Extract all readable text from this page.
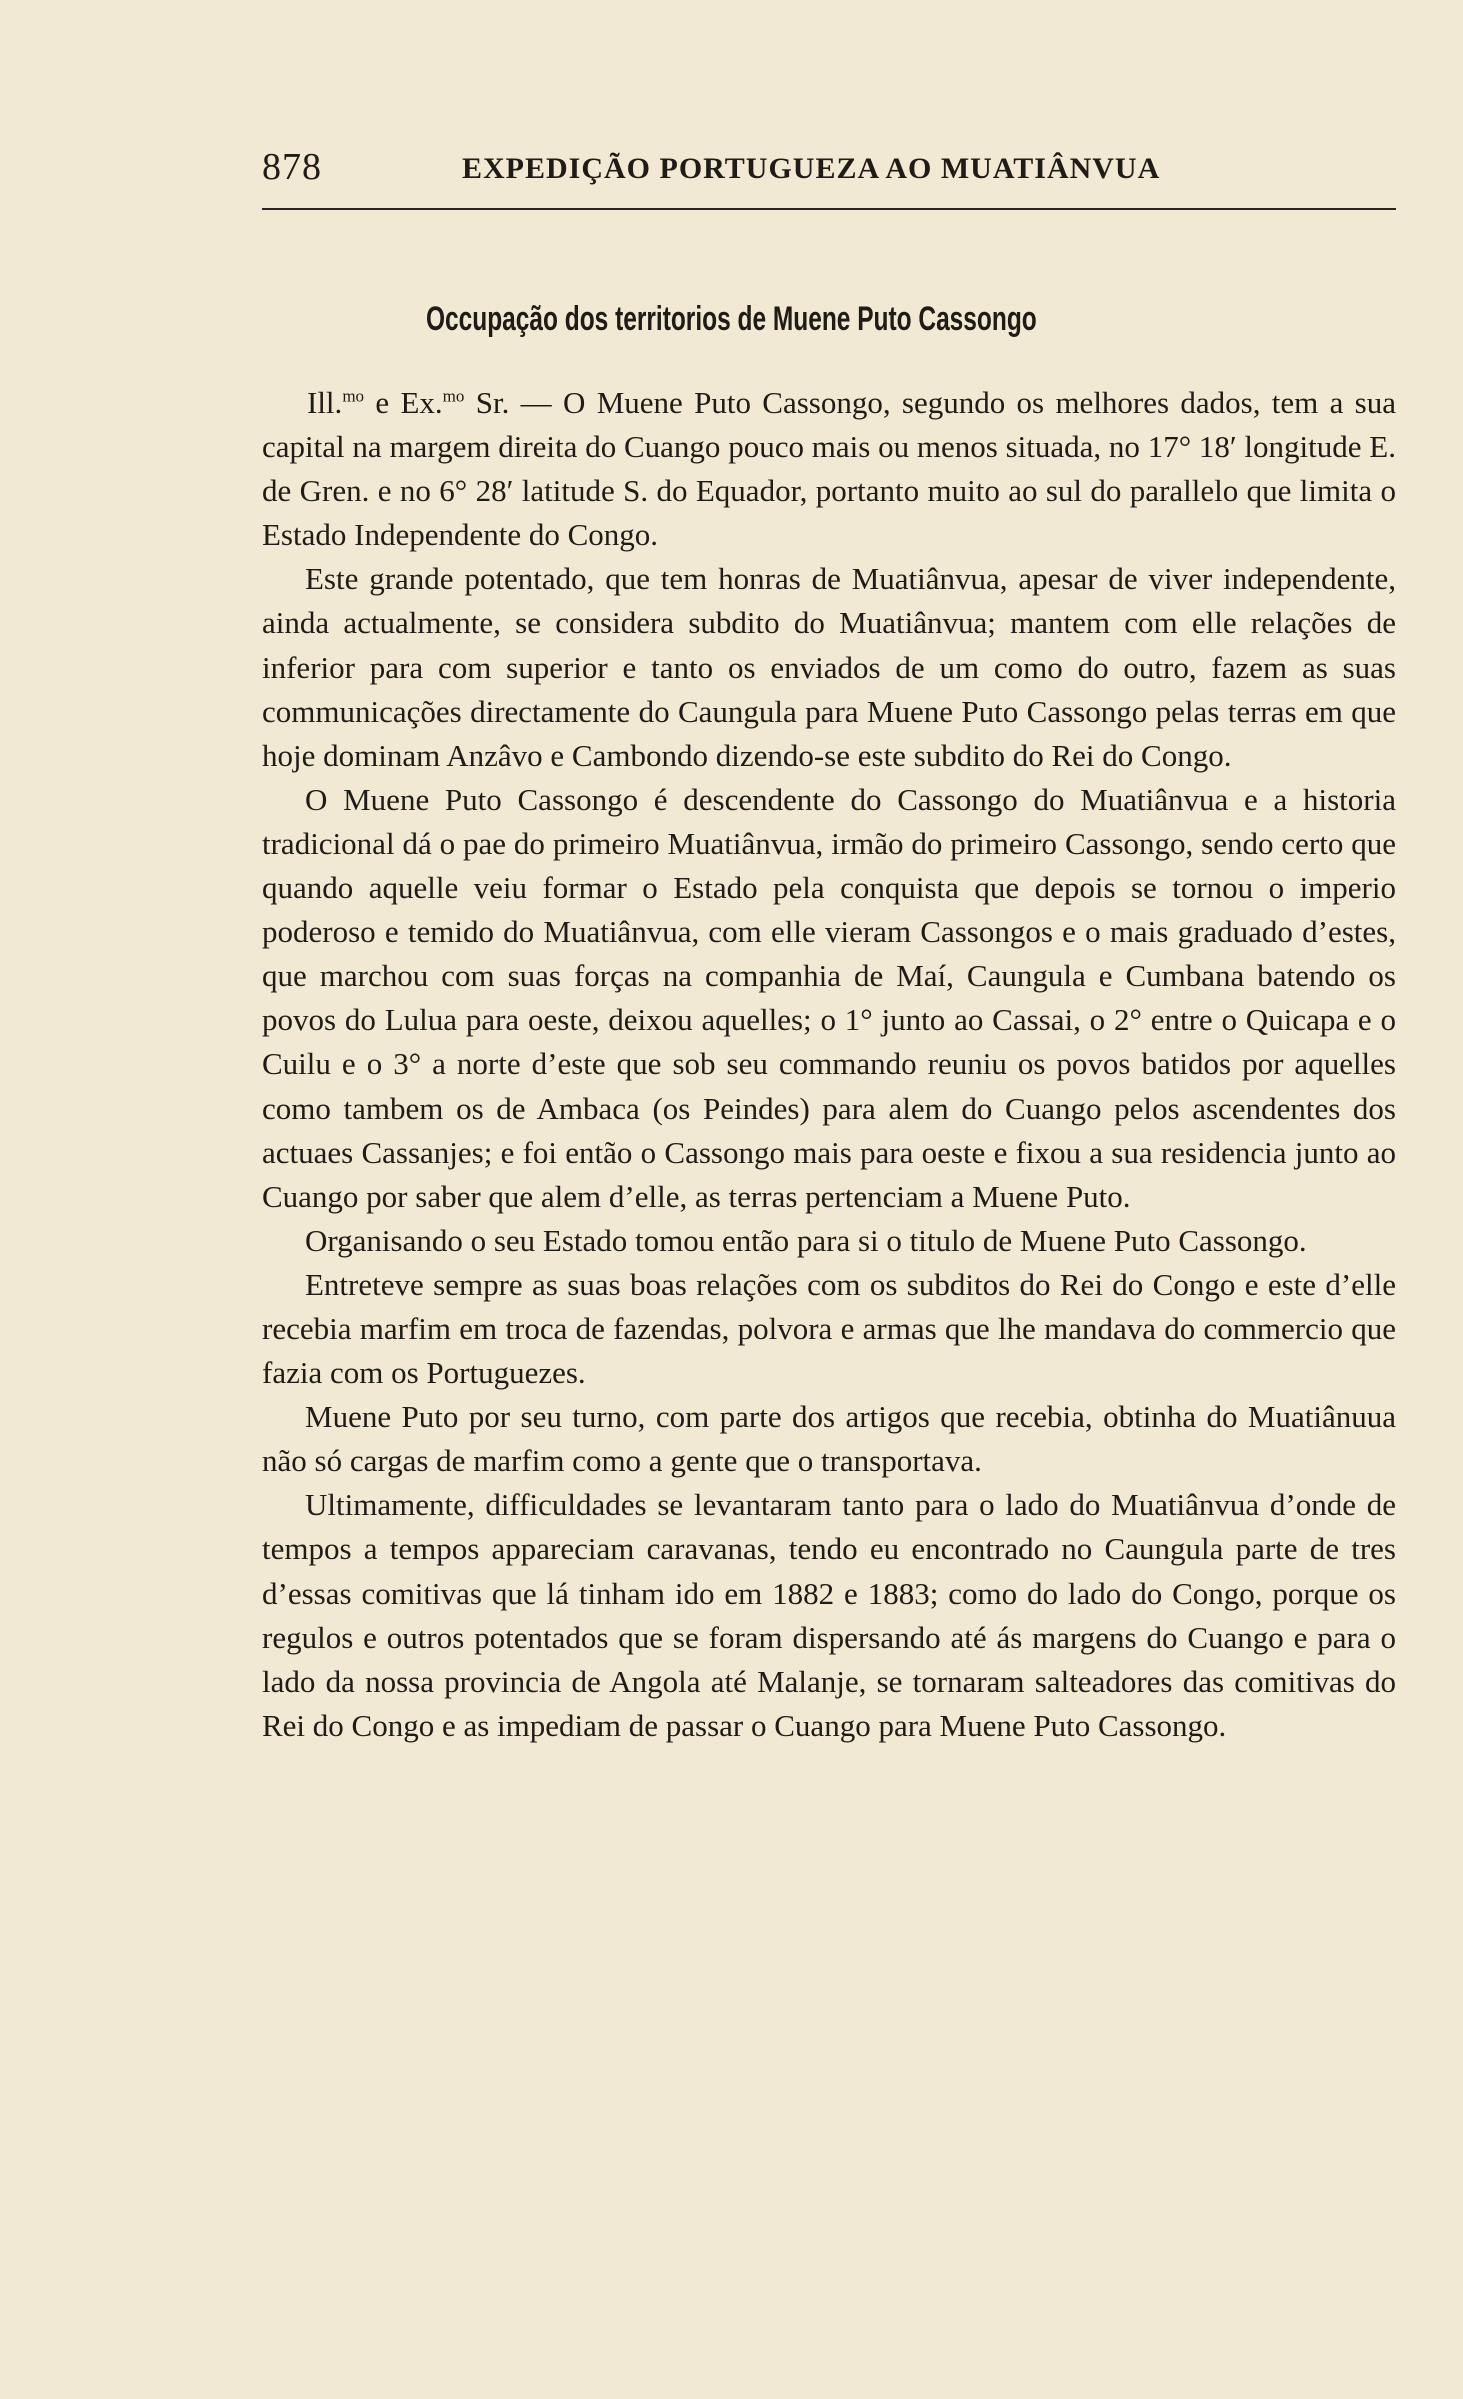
878	EXPEDIÇÃO PORTUGUEZA AO MUATIÂNVUA
Occupação dos territorios de Muene Puto Cassongo

Ill.$^{mo}$ e Ex.$^{mo}$ Sr. — O Muene Puto Cassongo, segundo os melhores dados, tem a sua capital na margem direita do Cuango pouco mais ou menos situada, no 17° 18′ longitude E. de Gren. e no 6° 28′ latitude S. do Equador, portanto muito ao sul do parallelo que limita o Estado Independente do Congo.

Este grande potentado, que tem honras de Muatiânvua, apesar de viver independente, ainda actualmente, se considera subdito do Muatiânvua; mantem com elle relações de inferior para com superior e tanto os enviados de um como do outro, fazem as suas communicações directamente do Caungula para Muene Puto Cassongo pelas terras em que hoje dominam Anzâvo e Cambondo dizendo-se este subdito do Rei do Congo.

O Muene Puto Cassongo é descendente do Cassongo do Muatiânvua e a historia tradicional dá o pae do primeiro Muatiânvua, irmão do primeiro Cassongo, sendo certo que quando aquelle veiu formar o Estado pela conquista que depois se tornou o imperio poderoso e temido do Muatiânvua, com elle vieram Cassongos e o mais graduado d’estes, que marchou com suas forças na companhia de Maí, Caungula e Cumbana batendo os povos do Lulua para oeste, deixou aquelles; o 1° junto ao Cassai, o 2° entre o Quicapa e o Cuilu e o 3° a norte d’este que sob seu commando reuniu os povos batidos por aquelles como tambem os de Ambaca (os Peindes) para alem do Cuango pelos ascendentes dos actuaes Cassanjes; e foi então o Cassongo mais para oeste e fixou a sua residencia junto ao Cuango por saber que alem d’elle, as terras pertenciam a Muene Puto.

Organisando o seu Estado tomou então para si o titulo de Muene Puto Cassongo.

Entreteve sempre as suas boas relações com os subditos do Rei do Congo e este d’elle recebia marfim em troca de fazendas, polvora e armas que lhe mandava do commercio que fazia com os Portuguezes.

Muene Puto por seu turno, com parte dos artigos que recebia, obtinha do Muatiânuua não só cargas de marfim como a gente que o transportava.

Ultimamente, difficuldades se levantaram tanto para o lado do Muatiânvua d’onde de tempos a tempos appareciam caravanas, tendo eu encontrado no Caungula parte de tres d’essas comitivas que lá tinham ido em 1882 e 1883; como do lado do Congo, porque os regulos e outros potentados que se foram dispersando até ás margens do Cuango e para o lado da nossa provincia de Angola até Malanje, se tornaram salteadores das comitivas do Rei do Congo e as impediam de passar o Cuango para Muene Puto Cassongo.
